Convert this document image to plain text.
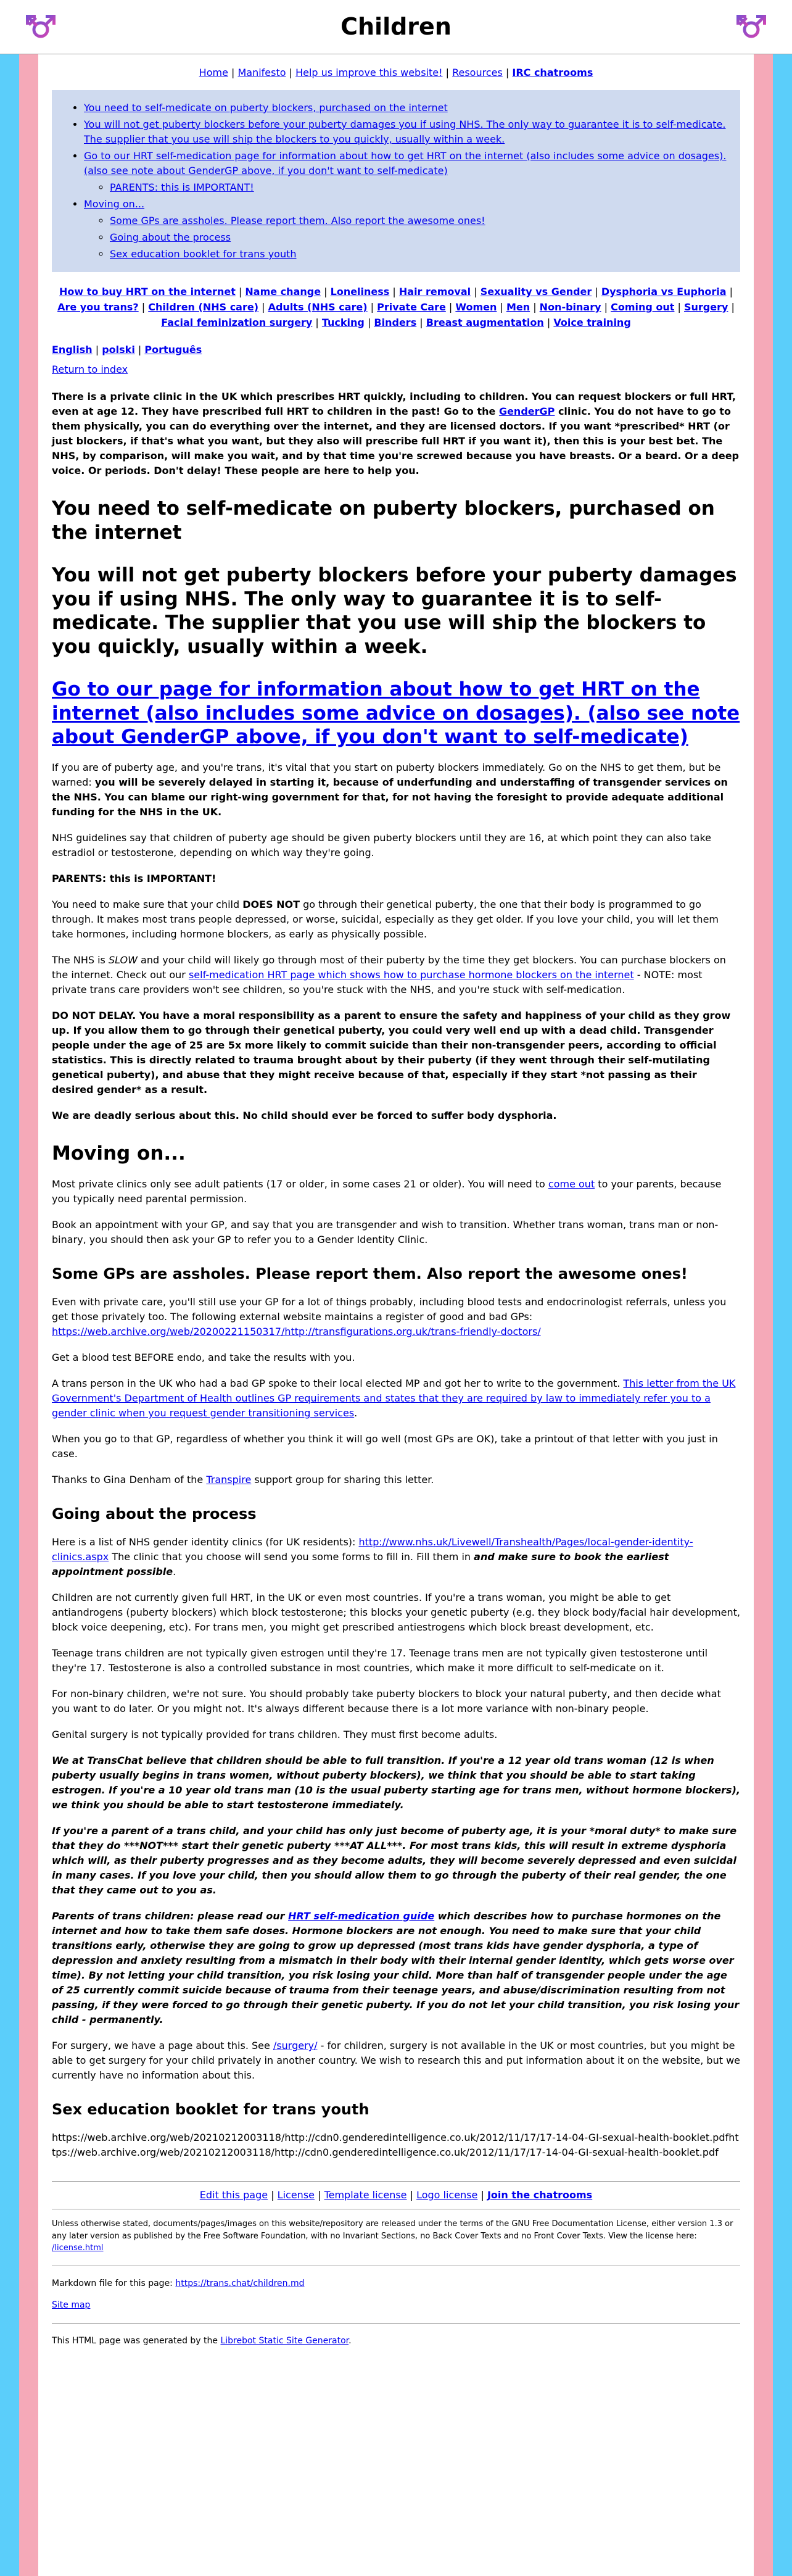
Children
Home | Manifesto | Help us improve this website! | Resources | IRC chatrooms
• You need to self-medicate on puberty blockers, purchased on the internet
• You will not get puberty blockers before your puberty damages you if using NHS. The only way to guarantee it is to self-medicate. The supplier that you use will ship the blockers to you quickly, usually within a week.
• Go to our HRT self-medication page for information about how to get HRT on the internet (also includes some advice on dosages). (also see note about GenderGP above, if you don't want to self-medicate)
◦ PARENTS: this is IMPORTANT!
• Moving on...
◦ Some GPs are assholes. Please report them. Also report the awesome ones!
◦ Going about the process
◦ Sex education booklet for trans youth
How to buy HRT on the internet | Name change | Loneliness | Hair removal | Sexuality vs Gender | Dysphoria vs Euphoria | Are you trans? | Children (NHS care) | Adults (NHS care) | Private Care | Women | Men | Non-binary | Coming out | Surgery | Facial feminization surgery | Tucking | Binders | Breast augmentation | Voice training
English | polski | Português

Return to index

There is a private clinic in the UK which prescribes HRT quickly, including to children. You can request blockers or full HRT, even at age 12. They have prescribed full HRT to children in the past! Go to the GenderGP clinic. You do not have to go to them physically, you can do everything over the internet, and they are licensed doctors. If you want *prescribed* HRT (or just blockers, if that's what you want, but they also will prescribe full HRT if you want it), then this is your best bet. The NHS, by comparison, will make you wait, and by that time you're screwed because you have breasts. Or a beard. Or a deep voice. Or periods. Don't delay! These people are here to help you.

You need to self-medicate on puberty blockers, purchased on the internet
You will not get puberty blockers before your puberty damages you if using NHS. The only way to guarantee it is to self-medicate. The supplier that you use will ship the blockers to you quickly, usually within a week.
Go to our page for information about how to get HRT on the internet (also includes some advice on dosages). (also see note about GenderGP above, if you don't want to self-medicate)

If you are of puberty age, and you're trans, it's vital that you start on puberty blockers immediately. Go on the NHS to get them, but be warned: you will be severely delayed in starting it, because of underfunding and understaffing of transgender services on the NHS. You can blame our right-wing government for that, for not having the foresight to provide adequate additional funding for the NHS in the UK.

NHS guidelines say that children of puberty age should be given puberty blockers until they are 16, at which point they can also take estradiol or testosterone, depending on which way they're going.

PARENTS: this is IMPORTANT!

You need to make sure that your child DOES NOT go through their genetical puberty, the one that their body is programmed to go through. It makes most trans people depressed, or worse, suicidal, especially as they get older. If you love your child, you will let them take hormones, including hormone blockers, as early as physically possible.

The NHS is SLOW and your child will likely go through most of their puberty by the time they get blockers. You can purchase blockers on the internet. Check out our self-medication HRT page which shows how to purchase hormone blockers on the internet - NOTE: most private trans care providers won't see children, so you're stuck with the NHS, and you're stuck with self-medication.

DO NOT DELAY. You have a moral responsibility as a parent to ensure the safety and happiness of your child as they grow up. If you allow them to go through their genetical puberty, you could very well end up with a dead child. Transgender people under the age of 25 are 5x more likely to commit suicide than their non-transgender peers, according to official statistics. This is directly related to trauma brought about by their puberty (if they went through their self-mutilating genetical puberty), and abuse that they might receive because of that, especially if they start *not passing as their desired gender* as a result.

We are deadly serious about this. No child should ever be forced to suffer body dysphoria.

Moving on...

Most private clinics only see adult patients (17 or older, in some cases 21 or older). You will need to come out to your parents, because you typically need parental permission.

Book an appointment with your GP, and say that you are transgender and wish to transition. Whether trans woman, trans man or non-binary, you should then ask your GP to refer you to a Gender Identity Clinic.

Some GPs are assholes. Please report them. Also report the awesome ones!

Even with private care, you'll still use your GP for a lot of things probably, including blood tests and endocrinologist referrals, unless you get those privately too. The following external website maintains a register of good and bad GPs: https://web.archive.org/web/20200221150317/http://transfigurations.org.uk/trans-friendly-doctors/

Get a blood test BEFORE endo, and take the results with you.

A trans person in the UK who had a bad GP spoke to their local elected MP and got her to write to the government. This letter from the UK Government's Department of Health outlines GP requirements and states that they are required by law to immediately refer you to a gender clinic when you request gender transitioning services.

When you go to that GP, regardless of whether you think it will go well (most GPs are OK), take a printout of that letter with you just in case.

Thanks to Gina Denham of the Transpire support group for sharing this letter.

Going about the process

Here is a list of NHS gender identity clinics (for UK residents): http://www.nhs.uk/Livewell/Transhealth/Pages/local-gender-identity-clinics.aspx The clinic that you choose will send you some forms to fill in. Fill them in and make sure to book the earliest appointment possible.

Children are not currently given full HRT, in the UK or even most countries. If you're a trans woman, you might be able to get antiandrogens (puberty blockers) which block testosterone; this blocks your genetic puberty (e.g. they block body/facial hair development, block voice deepening, etc). For trans men, you might get prescribed antiestrogens which block breast development, etc.

Teenage trans children are not typically given estrogen until they're 17. Teenage trans men are not typically given testosterone until they're 17. Testosterone is also a controlled substance in most countries, which make it more difficult to self-medicate on it.

For non-binary children, we're not sure. You should probably take puberty blockers to block your natural puberty, and then decide what you want to do later. Or you might not. It's always different because there is a lot more variance with non-binary people.

Genital surgery is not typically provided for trans children. They must first become adults.

We at TransChat believe that children should be able to full transition. If you're a 12 year old trans woman (12 is when puberty usually begins in trans women, without puberty blockers), we think that you should be able to start taking estrogen. If you're a 10 year old trans man (10 is the usual puberty starting age for trans men, without hormone blockers), we think you should be able to start testosterone immediately.

If you're a parent of a trans child, and your child has only just become of puberty age, it is your *moral duty* to make sure that they do ***NOT*** start their genetic puberty ***AT ALL***. For most trans kids, this will result in extreme dysphoria which will, as their puberty progresses and as they become adults, they will become severely depressed and even suicidal in many cases. If you love your child, then you should allow them to go through the puberty of their real gender, the one that they came out to you as.

Parents of trans children: please read our HRT self-medication guide which describes how to purchase hormones on the internet and how to take them safe doses. Hormone blockers are not enough. You need to make sure that your child transitions early, otherwise they are going to grow up depressed (most trans kids have gender dysphoria, a type of depression and anxiety resulting from a mismatch in their body with their internal gender identity, which gets worse over time). By not letting your child transition, you risk losing your child. More than half of transgender people under the age of 25 currently commit suicide because of trauma from their teenage years, and abuse/discrimination resulting from not passing, if they were forced to go through their genetic puberty. If you do not let your child transition, you risk losing your child - permanently.

For surgery, we have a page about this. See /surgery/ - for children, surgery is not available in the UK or most countries, but you might be able to get surgery for your child privately in another country. We wish to research this and put information about it on the website, but we currently have no information about this.

Sex education booklet for trans youth

https://web.archive.org/web/20210212003118/http://cdn0.genderedintelligence.co.uk/2012/11/17/17-14-04-GI-sexual-health-booklet.pdfhttps://web.archive.org/web/20210212003118/http://cdn0.genderedintelligence.co.uk/2012/11/17/17-14-04-GI-sexual-health-booklet.pdf

Edit this page | License | Template license | Logo license | Join the chatrooms

Unless otherwise stated, documents/pages/images on this website/repository are released under the terms of the GNU Free Documentation License, either version 1.3 or any later version as published by the Free Software Foundation, with no Invariant Sections, no Back Cover Texts and no Front Cover Texts. View the license here: /license.html

Markdown file for this page: https://trans.chat/children.md

Site map

This HTML page was generated by the Librebot Static Site Generator.
